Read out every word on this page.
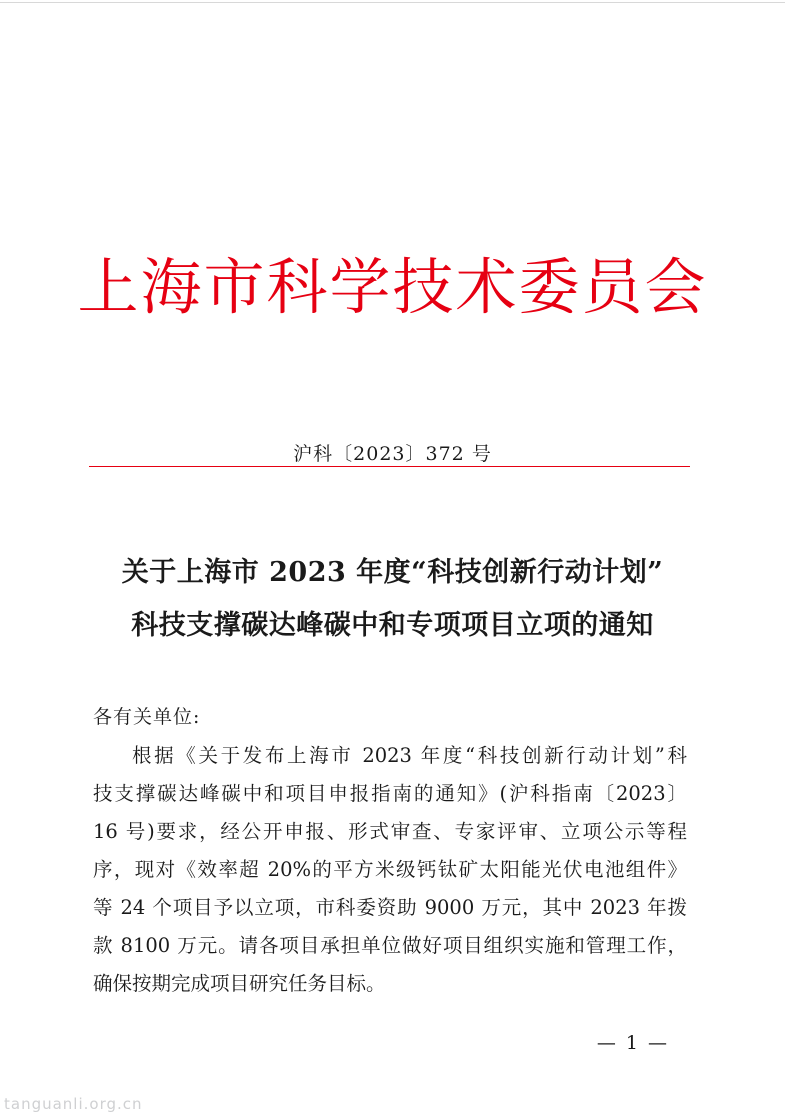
上海市科学技术委员会
沪科〔2023〕372 号
关于上海市 2023 年度“科技创新行动计划”
科技支撑碳达峰碳中和专项项目立项的通知
各有关单位:
根据《关于发布上海市 2023 年度“科技创新行动计划”科
技支撑碳达峰碳中和项目申报指南的通知》(沪科指南〔2023〕
16 号)要求，经公开申报、形式审查、专家评审、立项公示等程
序，现对《效率超 20%的平方米级钙钛矿太阳能光伏电池组件》
等 24 个项目予以立项，市科委资助 9000 万元，其中 2023 年拨
款 8100 万元。请各项目承担单位做好项目组织实施和管理工作，
确保按期完成项目研究任务目标。
— 1 —
tanguanli.org.cn
